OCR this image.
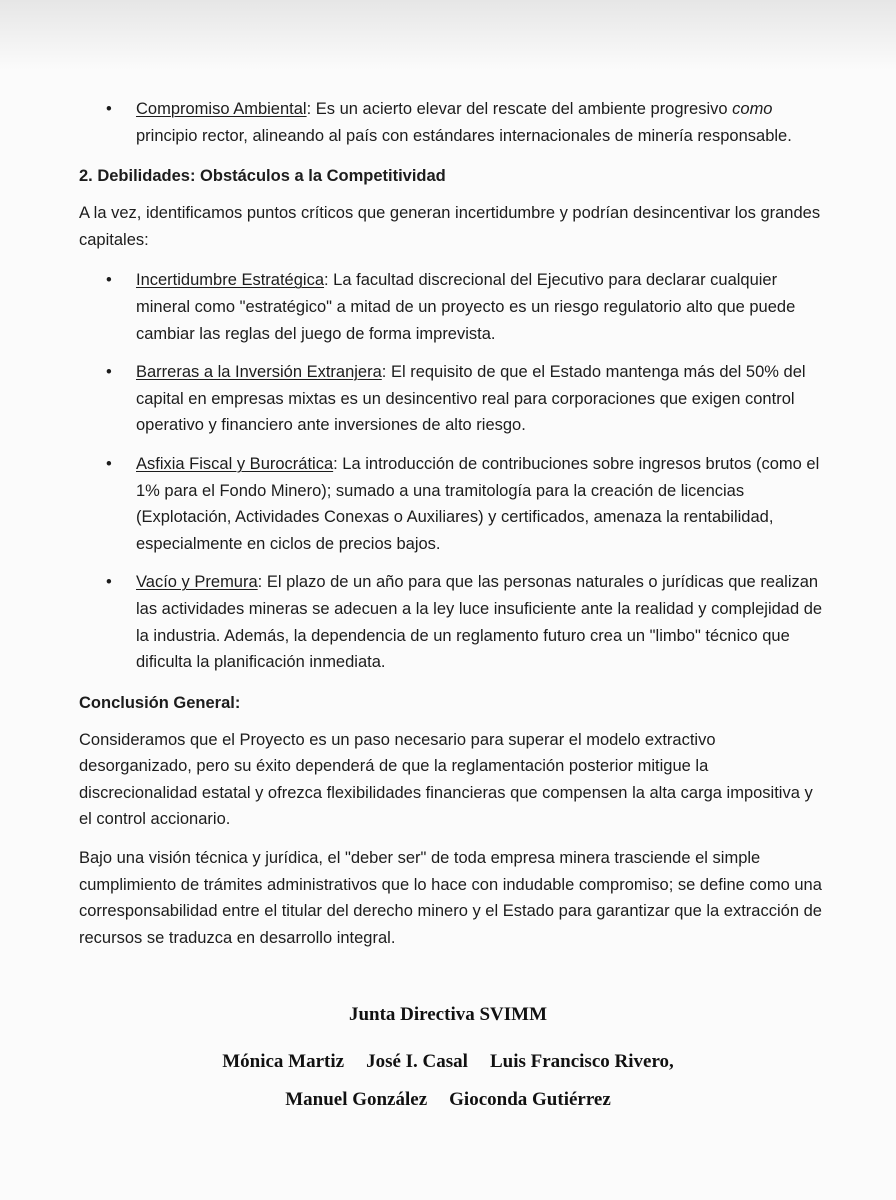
• Compromiso Ambiental: Es un acierto elevar del rescate del ambiente progresivo como principio rector, alineando al país con estándares internacionales de minería responsable.

2. Debilidades: Obstáculos a la Competitividad

A la vez, identificamos puntos críticos que generan incertidumbre y podrían desincentivar los grandes capitales:

• Incertidumbre Estratégica: La facultad discrecional del Ejecutivo para declarar cualquier mineral como "estratégico" a mitad de un proyecto es un riesgo regulatorio alto que puede cambiar las reglas del juego de forma imprevista.

• Barreras a la Inversión Extranjera: El requisito de que el Estado mantenga más del 50% del capital en empresas mixtas es un desincentivo real para corporaciones que exigen control operativo y financiero ante inversiones de alto riesgo.

• Asfixia Fiscal y Burocrática: La introducción de contribuciones sobre ingresos brutos (como el 1% para el Fondo Minero); sumado a una tramitología para la creación de licencias (Explotación, Actividades Conexas o Auxiliares) y certificados, amenaza la rentabilidad, especialmente en ciclos de precios bajos.

• Vacío y Premura: El plazo de un año para que las personas naturales o jurídicas que realizan las actividades mineras se adecuen a la ley luce insuficiente ante la realidad y complejidad de la industria. Además, la dependencia de un reglamento futuro crea un "limbo" técnico que dificulta la planificación inmediata.

Conclusión General:

Consideramos que el Proyecto es un paso necesario para superar el modelo extractivo desorganizado, pero su éxito dependerá de que la reglamentación posterior mitigue la discrecionalidad estatal y ofrezca flexibilidades financieras que compensen la alta carga impositiva y el control accionario.

Bajo una visión técnica y jurídica, el "deber ser" de toda empresa minera trasciende el simple cumplimiento de trámites administrativos que lo hace con indudable compromiso; se define como una corresponsabilidad entre el titular del derecho minero y el Estado para garantizar que la extracción de recursos se traduzca en desarrollo integral.

Junta Directiva SVIMM
Mónica Martiz José I. Casal Luis Francisco Rivero,
Manuel González Gioconda Gutiérrez
